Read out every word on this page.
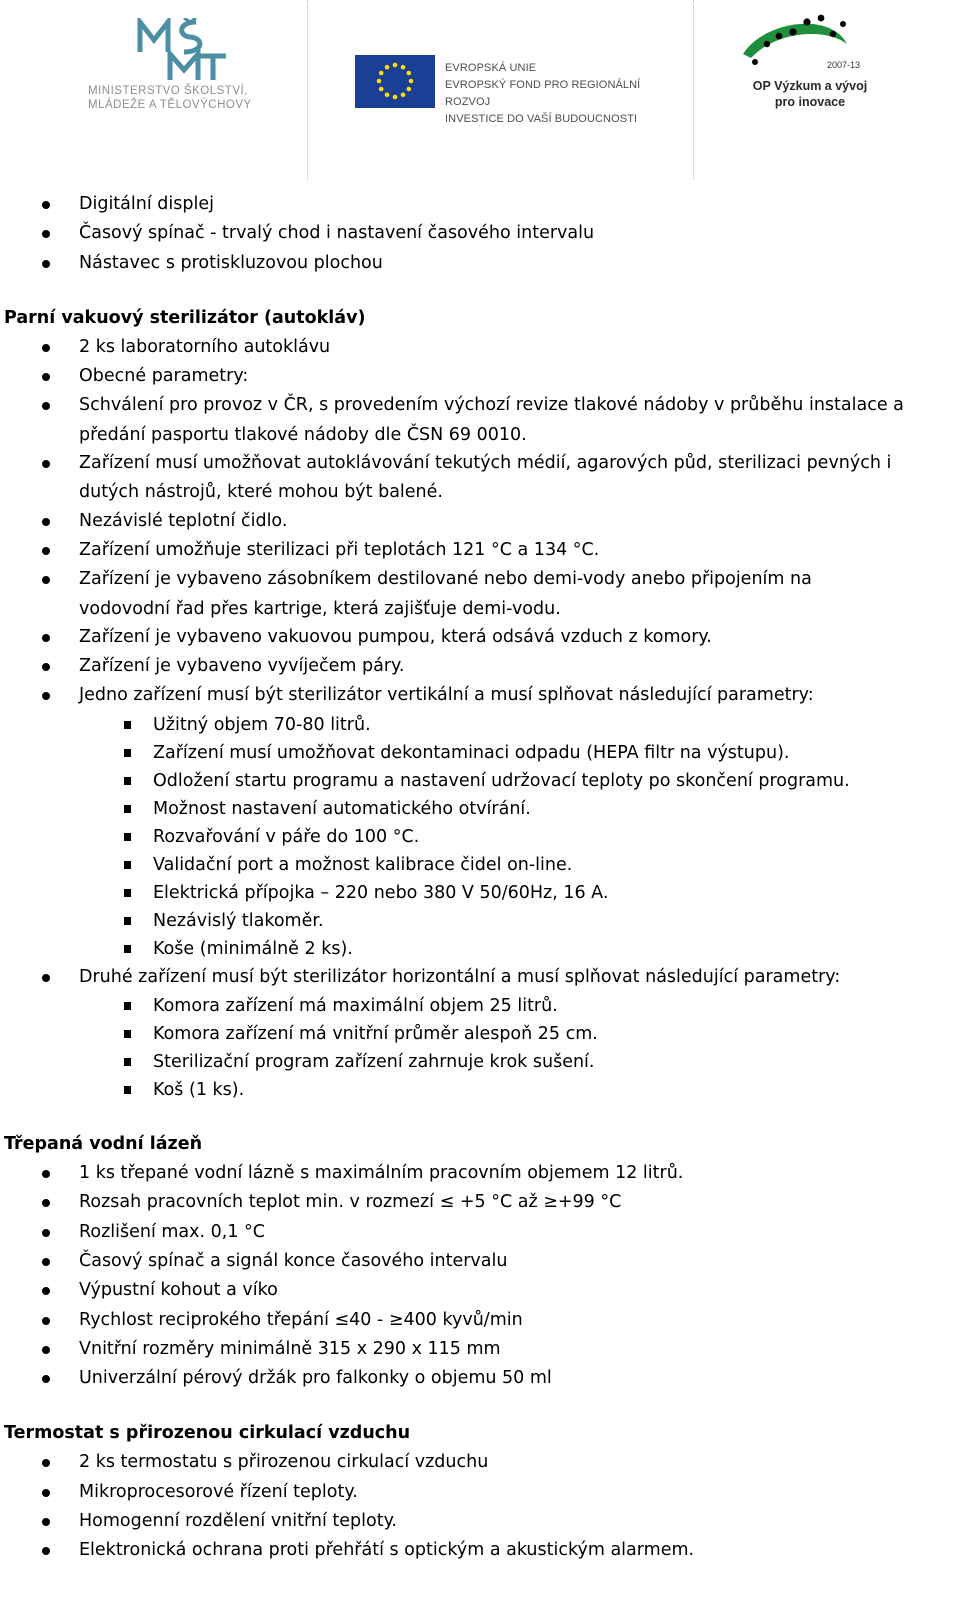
MINISTERSTVO ŠKOLSTVÍ,
MLÁDEŽE A TĚLOVÝCHOVY
EVROPSKÁ UNIE
EVROPSKÝ FOND PRO REGIONÁLNÍ ROZVOJ
INVESTICE DO VAŠÍ BUDOUCNOSTI
2007-13
OP Výzkum a vývoj
pro inovace
Digitální displej
Časový spínač - trvalý chod i nastavení časového intervalu
Nástavec s protiskluzovou plochou
Parní vakuový sterilizátor (autokláv)
2 ks laboratorního autoklávu
Obecné parametry:
Schválení pro provoz v ČR, s provedením výchozí revize tlakové nádoby v průběhu instalace a
předání pasportu tlakové nádoby dle ČSN 69 0010.
Zařízení musí umožňovat autoklávování tekutých médií, agarových půd, sterilizaci pevných i
dutých nástrojů, které mohou být balené.
Nezávislé teplotní čidlo.
Zařízení umožňuje sterilizaci při teplotách 121 °C a 134 °C.
Zařízení je vybaveno zásobníkem destilované nebo demi-vody anebo připojením na
vodovodní řad přes kartrige, která zajišťuje demi-vodu.
Zařízení je vybaveno vakuovou pumpou, která odsává vzduch z komory.
Zařízení je vybaveno vyvíječem páry.
Jedno zařízení musí být sterilizátor vertikální a musí splňovat následující parametry:
Užitný objem 70-80 litrů.
Zařízení musí umožňovat dekontaminaci odpadu (HEPA filtr na výstupu).
Odložení startu programu a nastavení udržovací teploty po skončení programu.
Možnost nastavení automatického otvírání.
Rozvařování v páře do 100 °C.
Validační port a možnost kalibrace čidel on-line.
Elektrická přípojka – 220 nebo 380 V 50/60Hz, 16 A.
Nezávislý tlakoměr.
Koše (minimálně 2 ks).
Druhé zařízení musí být sterilizátor horizontální a musí splňovat následující parametry:
Komora zařízení má maximální objem 25 litrů.
Komora zařízení má vnitřní průměr alespoň 25 cm.
Sterilizační program zařízení zahrnuje krok sušení.
Koš (1 ks).
Třepaná vodní lázeň
1 ks třepané vodní lázně s maximálním pracovním objemem 12 litrů.
Rozsah pracovních teplot min. v rozmezí ≤ +5 °C až ≥+99 °C
Rozlišení max. 0,1 °C
Časový spínač a signál konce časového intervalu
Výpustní kohout a víko
Rychlost reciprokého třepání ≤40 - ≥400 kyvů/min
Vnitřní rozměry minimálně 315 x 290 x 115 mm
Univerzální pérový držák pro falkonky o objemu 50 ml
Termostat s přirozenou cirkulací vzduchu
2 ks termostatu s přirozenou cirkulací vzduchu
Mikroprocesorové řízení teploty.
Homogenní rozdělení vnitřní teploty.
Elektronická ochrana proti přehřátí s optickým a akustickým alarmem.
